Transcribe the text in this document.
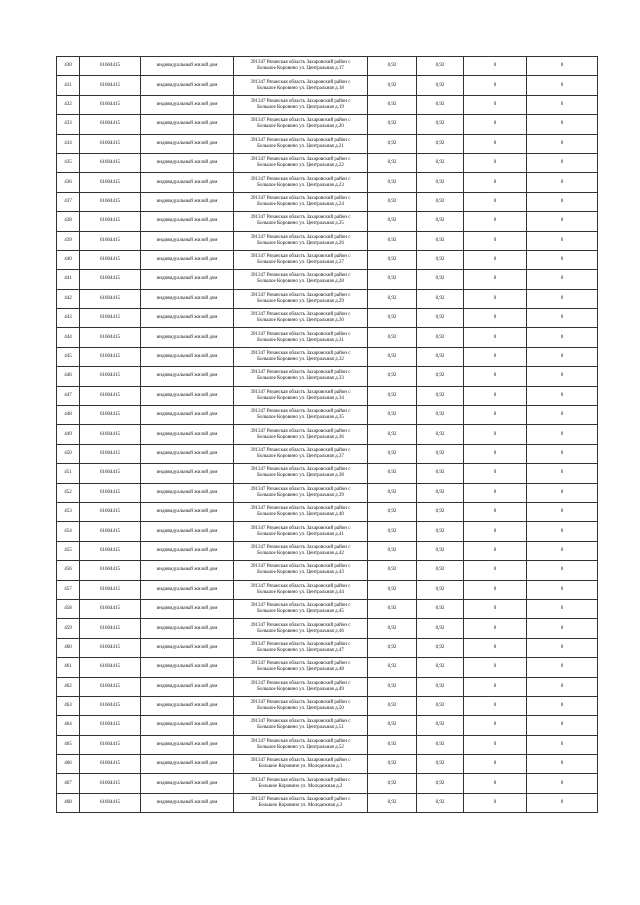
430	61604415	индивидуальный жилой дом	391347 Рязанская область Захаровский район с
Большое Коровино ул. Центральная д.17	0,92	0,92	0	0
431	61604415	индивидуальный жилой дом	391347 Рязанская область Захаровский район с
Большое Коровино ул. Центральная д.18	0,92	0,92	0	0
432	61604415	индивидуальный жилой дом	391347 Рязанская область Захаровский район с
Большое Коровино ул. Центральная д.19	0,92	0,92	0	0
433	61604415	индивидуальный жилой дом	391347 Рязанская область Захаровский район с
Большое Коровино ул. Центральная д.20	0,92	0,92	0	0
434	61604415	индивидуальный жилой дом	391347 Рязанская область Захаровский район с
Большое Коровино ул. Центральная д.21	0,92	0,92	0	0
435	61604415	индивидуальный жилой дом	391347 Рязанская область Захаровский район с
Большое Коровино ул. Центральная д.22	0,92	0,92	0	0
436	61604415	индивидуальный жилой дом	391347 Рязанская область Захаровский район с
Большое Коровино ул. Центральная д.23	0,92	0,92	0	0
437	61604415	индивидуальный жилой дом	391347 Рязанская область Захаровский район с
Большое Коровино ул. Центральная д.24	0,92	0,92	0	0
438	61604415	индивидуальный жилой дом	391347 Рязанская область Захаровский район с
Большое Коровино ул. Центральная д.25	0,92	0,92	0	0
439	61604415	индивидуальный жилой дом	391347 Рязанская область Захаровский район с
Большое Коровино ул. Центральная д.26	0,92	0,92	0	0
440	61604415	индивидуальный жилой дом	391347 Рязанская область Захаровский район с
Большое Коровино ул. Центральная д.27	0,92	0,92	0	0
441	61604415	индивидуальный жилой дом	391347 Рязанская область Захаровский район с
Большое Коровино ул. Центральная д.28	0,92	0,92	0	0
442	61604415	индивидуальный жилой дом	391347 Рязанская область Захаровский район с
Большое Коровино ул. Центральная д.29	0,92	0,92	0	0
443	61604415	индивидуальный жилой дом	391347 Рязанская область Захаровский район с
Большое Коровино ул. Центральная д.30	0,92	0,92	0	0
444	61604415	индивидуальный жилой дом	391347 Рязанская область Захаровский район с
Большое Коровино ул. Центральная д.31	0,92	0,92	0	0
445	61604415	индивидуальный жилой дом	391347 Рязанская область Захаровский район с
Большое Коровино ул. Центральная д.32	0,92	0,92	0	0
446	61604415	индивидуальный жилой дом	391347 Рязанская область Захаровский район с
Большое Коровино ул. Центральная д.33	0,92	0,92	0	0
447	61604415	индивидуальный жилой дом	391347 Рязанская область Захаровский район с
Большое Коровино ул. Центральная д.34	0,92	0,92	0	0
448	61604415	индивидуальный жилой дом	391347 Рязанская область Захаровский район с
Большое Коровино ул. Центральная д.35	0,92	0,92	0	0
449	61604415	индивидуальный жилой дом	391347 Рязанская область Захаровский район с
Большое Коровино ул. Центральная д.36	0,92	0,92	0	0
450	61604415	индивидуальный жилой дом	391347 Рязанская область Захаровский район с
Большое Коровино ул. Центральная д.37	0,92	0,92	0	0
451	61604415	индивидуальный жилой дом	391347 Рязанская область Захаровский район с
Большое Коровино ул. Центральная д.38	0,92	0,92	0	0
452	61604415	индивидуальный жилой дом	391347 Рязанская область Захаровский район с
Большое Коровино ул. Центральная д.39	0,92	0,92	0	0
453	61604415	индивидуальный жилой дом	391347 Рязанская область Захаровский район с
Большое Коровино ул. Центральная д.40	0,92	0,92	0	0
454	61604415	индивидуальный жилой дом	391347 Рязанская область Захаровский район с
Большое Коровино ул. Центральная д.41	0,92	0,92	0	0
455	61604415	индивидуальный жилой дом	391347 Рязанская область Захаровский район с
Большое Коровино ул. Центральная д.42	0,92	0,92	0	0
456	61604415	индивидуальный жилой дом	391347 Рязанская область Захаровский район с
Большое Коровино ул. Центральная д.43	0,92	0,92	0	0
457	61604415	индивидуальный жилой дом	391347 Рязанская область Захаровский район с
Большое Коровино ул. Центральная д.44	0,92	0,92	0	0
458	61604415	индивидуальный жилой дом	391347 Рязанская область Захаровский район с
Большое Коровино ул. Центральная д.45	0,92	0,92	0	0
459	61604415	индивидуальный жилой дом	391347 Рязанская область Захаровский район с
Большое Коровино ул. Центральная д.46	0,92	0,92	0	0
460	61604415	индивидуальный жилой дом	391347 Рязанская область Захаровский район с
Большое Коровино ул. Центральная д.47	0,92	0,92	0	0
461	61604415	индивидуальный жилой дом	391347 Рязанская область Захаровский район с
Большое Коровино ул. Центральная д.48	0,92	0,92	0	0
462	61604415	индивидуальный жилой дом	391347 Рязанская область Захаровский район с
Большое Коровино ул. Центральная д.49	0,92	0,92	0	0
463	61604415	индивидуальный жилой дом	391347 Рязанская область Захаровский район с
Большое Коровино ул. Центральная д.50	0,92	0,92	0	0
464	61604415	индивидуальный жилой дом	391347 Рязанская область Захаровский район с
Большое Коровино ул. Центральная д.51	0,92	0,92	0	0
465	61604415	индивидуальный жилой дом	391347 Рязанская область Захаровский район с
Большое Коровино ул. Центральная д.52	0,92	0,92	0	0
466	61604415	индивидуальный жилой дом	391347 Рязанская область Захаровский район с
Большое Коровино ул. Молодежная д.1	0,92	0,92	0	0
467	61604415	индивидуальный жилой дом	391347 Рязанская область Захаровский район с
Большое Коровино ул. Молодежная д.2	0,92	0,92	0	0
468	61604415	индивидуальный жилой дом	391347 Рязанская область Захаровский район с
Большое Коровино ул. Молодежная д.3	0,92	0,92	0	0
